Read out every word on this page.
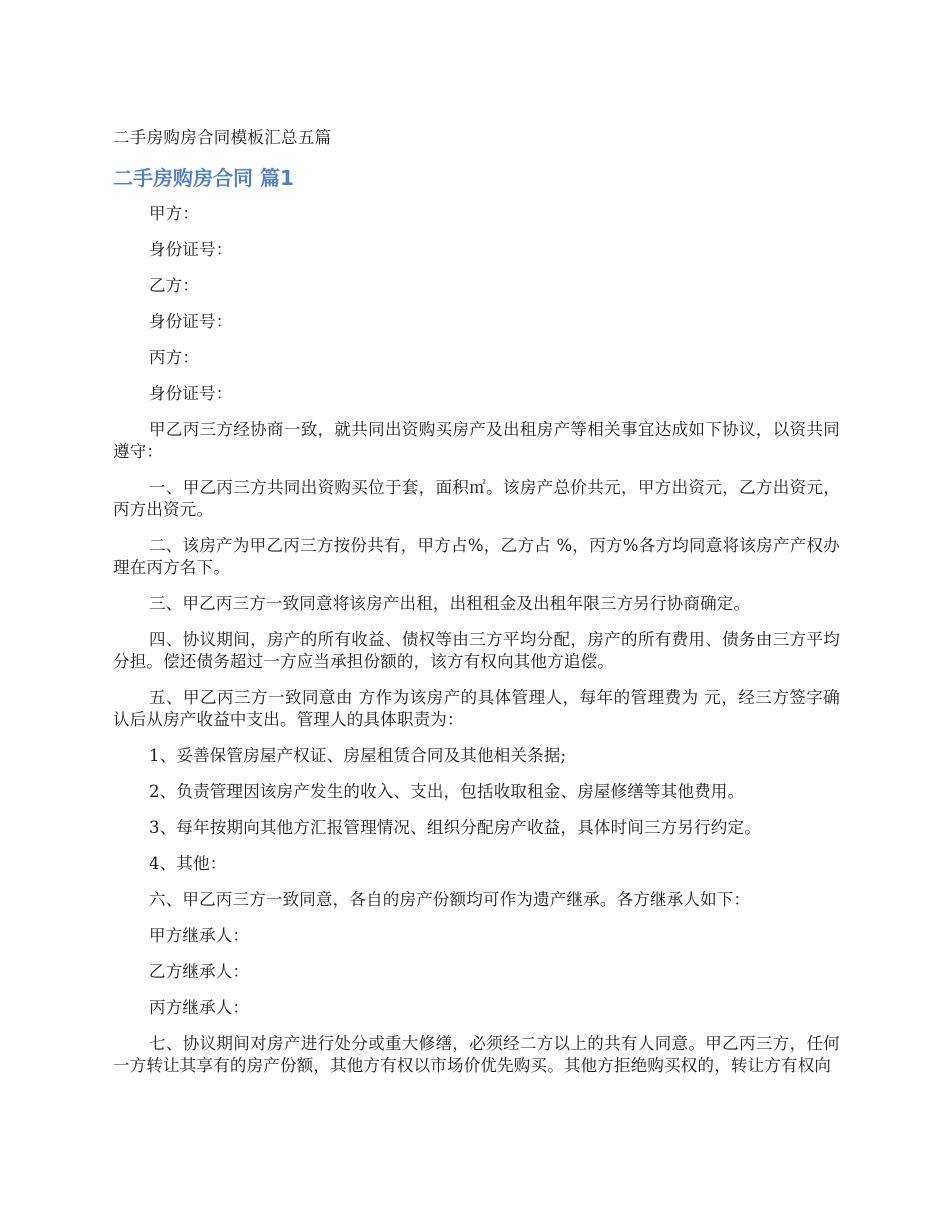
二手房购房合同模板汇总五篇
二手房购房合同 篇1

甲方：

身份证号：

乙方：

身份证号：

丙方：

身份证号：

甲乙丙三方经协商一致，就共同出资购买房产及出租房产等相关事宜达成如下协议，以资共同遵守：

一、甲乙丙三方共同出资购买位于套，面积㎡。该房产总价共元，甲方出资元，乙方出资元，丙方出资元。

二、该房产为甲乙丙三方按份共有，甲方占%，乙方占 %，丙方%各方均同意将该房产产权办理在丙方名下。

三、甲乙丙三方一致同意将该房产出租，出租租金及出租年限三方另行协商确定。

四、协议期间，房产的所有收益、债权等由三方平均分配，房产的所有费用、债务由三方平均分担。偿还债务超过一方应当承担份额的，该方有权向其他方追偿。

五、甲乙丙三方一致同意由 方作为该房产的具体管理人，每年的管理费为 元，经三方签字确认后从房产收益中支出。管理人的具体职责为：

1、妥善保管房屋产权证、房屋租赁合同及其他相关条据;

2、负责管理因该房产发生的收入、支出，包括收取租金、房屋修缮等其他费用。

3、每年按期向其他方汇报管理情况、组织分配房产收益，具体时间三方另行约定。

4、其他：

六、甲乙丙三方一致同意，各自的房产份额均可作为遗产继承。各方继承人如下：

甲方继承人：

乙方继承人：

丙方继承人：

七、协议期间对房产进行处分或重大修缮，必须经二方以上的共有人同意。甲乙丙三方，任何一方转让其享有的房产份额，其他方有权以市场价优先购买。其他方拒绝购买权的，转让方有权向
